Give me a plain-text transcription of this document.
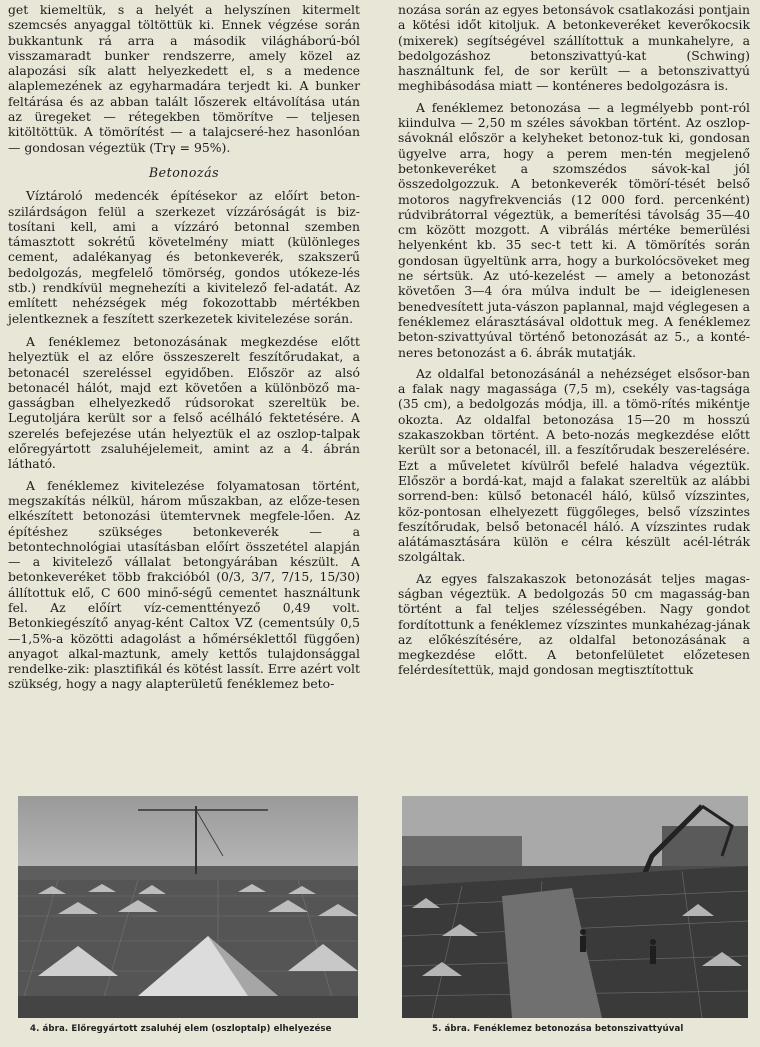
get kiemeltük, s a helyét a helyszínen kitermelt szemcsés anyaggal töltöttük ki. Ennek végzése során bukkantunk rá arra a második világháború-ból visszamaradt bunker rendszerre, amely közel az alapozási sík alatt helyezkedett el, s a medence alaplemezének az egyharmadára terjedt ki. A bunker feltárása és az abban talált lőszerek eltávolítása után az üregeket — rétegekben tömörítve — teljesen kitöltöttük. A tömörítést — a talajcseré-hez hasonlóan — gondosan végeztük (Trγ = 95%).

Betonozás

Víztároló medencék építésekor az előírt beton-szilárdságon felül a szerkezet vízzáróságát is biz-tosítani kell, ami a vízzáró betonnal szemben támasztott sokrétű követelmény miatt (különleges cement, adalékanyag és betonkeverék, szakszerű bedolgozás, megfelelő tömörség, gondos utókeze-lés stb.) rendkívül megnehezíti a kivitelező fel-adatát. Az említett nehézségek még fokozottabb mértékben jelentkeznek a feszített szerkezetek kivitelezése során.

A fenéklemez betonozásának megkezdése előtt helyeztük el az előre összeszerelt feszítőrudakat, a betonacél szereléssel egyidőben. Először az alsó betonacél hálót, majd ezt követően a különböző ma-gasságban elhelyezkedő rúdsorokat szereltük be. Legutoljára került sor a felső acélháló fektetésére. A szerelés befejezése után helyeztük el az oszlop-talpak előregyártott zsaluhéjelemeit, amint az a 4. ábrán látható.

A fenéklemez kivitelezése folyamatosan történt, megszakítás nélkül, három műszakban, az előze-tesen elkészített betonozási ütemtervnek megfele-lően. Az építéshez szükséges betonkeverék — a betontechnológiai utasításban előírt összetétel alapján — a kivitelező vállalat betongyárában készült. A betonkeveréket több frakcióból (0/3, 3/7, 7/15, 15/30) állítottuk elő, C 600 minő-ségű cementet használtunk fel. Az előírt víz-cementtényező 0,49 volt. Betonkiegészítő anyag-ként Caltox VZ (cementsúly 0,5—1,5%-a közötti adagolást a hőmérséklettől függően) anyagot alkal-maztunk, amely kettős tulajdonsággal rendelke-zik: plasztifikál és kötést lassít. Erre azért volt szükség, hogy a nagy alapterületű fenéklemez beto-

nozása során az egyes betonsávok csatlakozási pontjain a kötési időt kitoljuk. A betonkeveréket keverőkocsik (mixerek) segítségével szállítottuk a munkahelyre, a bedolgozáshoz betonszivattyú-kat (Schwing) használtunk fel, de sor került — a betonszivattyú meghibásodása miatt — konténeres bedolgozásra is.

A fenéklemez betonozása — a legmélyebb pont-ról kiindulva — 2,50 m széles sávokban történt. Az oszlop-sávoknál először a kelyheket betonoz-tuk ki, gondosan ügyelve arra, hogy a perem men-tén megjelenő betonkeveréket a szomszédos sávok-kal jól összedolgozzuk. A betonkeverék tömörí-tését belső motoros nagyfrekvenciás (12 000 ford. percenként) rúdvibrátorral végeztük, a bemerítési távolság 35—40 cm között mozgott. A vibrálás mértéke bemerülési helyenként kb. 35 sec-t tett ki. A tömörítés során gondosan ügyeltünk arra, hogy a burkolócsöveket meg ne sértsük. Az utó-kezelést — amely a betonozást követően 3—4 óra múlva indult be — ideiglenesen benedvesített juta-vászon paplannal, majd véglegesen a fenéklemez elárasztásával oldottuk meg. A fenéklemez beton-szivattyúval történő betonozását az 5., a konté-neres betonozást a 6. ábrák mutatják.

Az oldalfal betonozásánál a nehézséget elsősor-ban a falak nagy magassága (7,5 m), csekély vas-tagsága (35 cm), a bedolgozás módja, ill. a tömö-rítés mikéntje okozta. Az oldalfal betonozása 15—20 m hosszú szakaszokban történt. A beto-nozás megkezdése előtt került sor a betonacél, ill. a feszítőrudak beszerelésére. Ezt a műveletet kívülről befelé haladva végeztük. Először a bordá-kat, majd a falakat szereltük az alábbi sorrend-ben: külső betonacél háló, külső vízszintes, köz-pontosan elhelyezett függőleges, belső vízszintes feszítőrudak, belső betonacél háló. A vízszintes rudak alátámasztására külön e célra készült acél-létrák szolgáltak.

Az egyes falszakaszok betonozását teljes magas-ságban végeztük. A bedolgozás 50 cm magasság-ban történt a fal teljes szélességében. Nagy gondot fordítottunk a fenéklemez vízszintes munkahézag-jának az előkészítésére, az oldalfal betonozásának a megkezdése előtt. A betonfelületet előzetesen felérdesítettük, majd gondosan megtisztítottuk

4. ábra. Előregyártott zsaluhéj elem (oszloptalp) elhelyezése	5. ábra. Fenéklemez betonozása betonszivattyúval
